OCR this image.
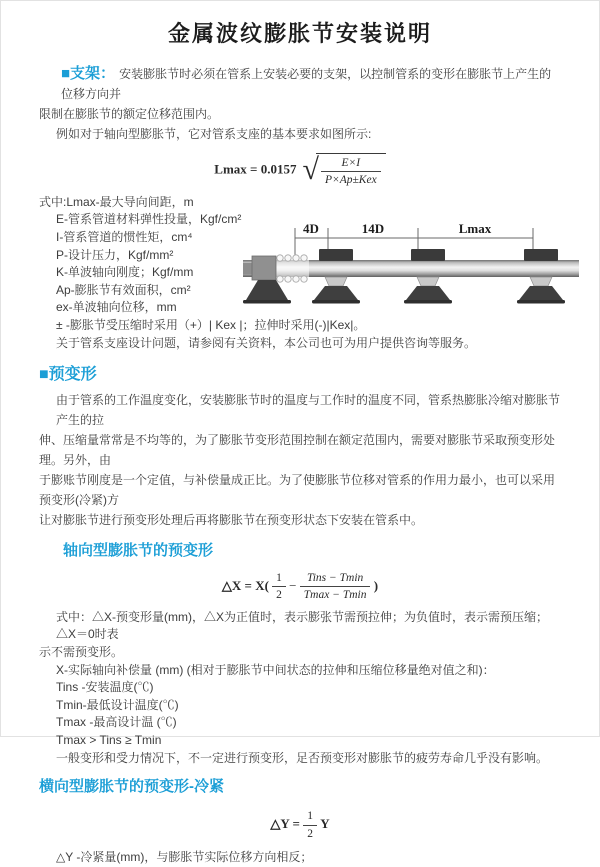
金属波纹膨胀节安装说明
■支架： 安装膨胀节时必须在管系上安装必要的支架，以控制管系的变形在膨胀节上产生的位移方向并
限制在膨胀节的额定位移范围内。
例如对于轴向型膨胀节，它对管系支座的基本要求如图所示:
Lmax = 0.0157 √ $\frac{E\times I}{\text{P×Ap±Kex}}$
式中:Lmax-最大导向间距，m
E-管系管道材料弹性投量，Kgf/cm²
I-管系管道的惯性矩，cm⁴
P-设计压力，Kgf/mm²
K-单波轴向刚度；Kgf/mm
Ap-膨胀节有效面积，cm²
ex-单波轴向位移，mm
± -膨胀节受压缩时采用（+）| Kex |；拉伸时采用(-)|Kex|。
关于管系支座设计问题，请参阅有关资料，本公司也可为用户提供咨询等服务。
4D	14D	Lmax
■预变形
由于管系的工作温度变化，安装膨胀节时的温度与工作时的温度不同，管系热膨胀冷缩对膨胀节产生的拉
伸、压缩量常常是不均等的，为了膨胀节变形范围控制在额定范围内，需要对膨胀节采取预变形处理。另外，由
于膨账节刚度是一个定值，与补偿量成正比。为了使膨胀节位移对管系的作用力最小，也可以采用预变形(冷紧)方
让对膨胀节进行预变形处理后再将膨胀节在预变形状态下安装在管系中。
轴向型膨胀节的预变形
△X = $X( \frac{1}{2} - \frac{\text{Tins − Tmin}}{Tmax - Tmin}$ )
式中：△X-预变形量(mm)，△X为正值时，表示膨张节需预拉伸；为负值时，表示需预压缩；△X＝0时表
示不需预变形。
X-实际轴向补偿量 (mm) (相对于膨胀节中间状态的拉伸和压缩位移量绝对值之和)：
Tins -安装温度(℃)
Tmin-最低设计温度(℃)
Tmax -最高设计温 (℃)
Tmax > Tins ≥ Tmin
一般变形和受力情况下，不一定进行预变形，足否预变形对膨胀节的疲劳寿命几乎没有影响。
横向型膨胀节的预变形-冷紧
△Y = $\frac{1}{2}$ Y
△Y -冷紧量(mm)，与膨胀节实际位移方向相反；
